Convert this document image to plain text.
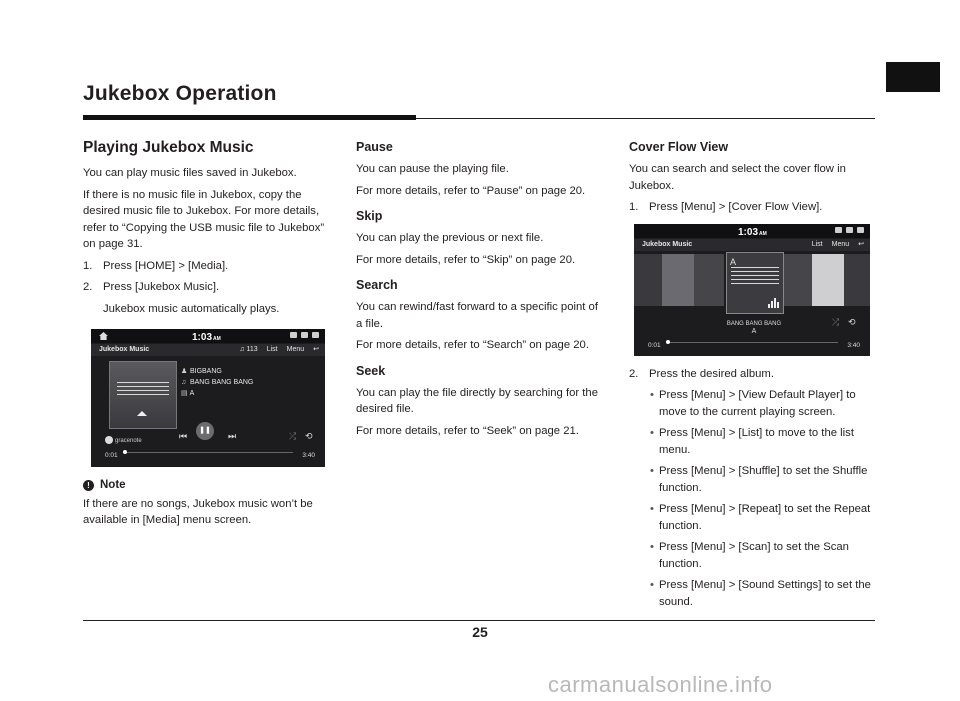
Jukebox Operation
Playing Jukebox Music

You can play music files saved in Jukebox.

If there is no music file in Jukebox, copy the desired music file to Jukebox. For more details, refer to “Copying the USB music file to Jukebox” on page 31.

1. Press [HOME] > [Media].
2. Press [Jukebox Music].
Jukebox music automatically plays.
1:03AM
Jukebox Music	♫ 113 List Menu ↩
♟ BIGBANG
♫ BANG BANG BANG
▤ A
⏮
❚❚
⏭	⤮ ⟲
gracenote
0:01	3:40
! Note

If there are no songs, Jukebox music won’t be available in [Media] menu screen.

Pause

You can pause the playing file.

For more details, refer to “Pause” on page 20.

Skip

You can play the previous or next file.

For more details, refer to “Skip” on page 20.

Search

You can rewind/fast forward to a specific point of a file.

For more details, refer to “Search” on page 20.

Seek

You can play the file directly by searching for the desired file.

For more details, refer to “Seek” on page 21.

Cover Flow View

You can search and select the cover flow in Jukebox.

1. Press [Menu] > [Cover Flow View].
1:03AM
Jukebox Music	List Menu ↩
A
BANG BANG BANG
A
⤮ ⟲
0:01	3:40
2. Press the desired album.
• Press [Menu] > [View Default Player] to move to the current playing screen.
• Press [Menu] > [List] to move to the list menu.
• Press [Menu] > [Shuffle] to set the Shuffle function.
• Press [Menu] > [Repeat] to set the Repeat function.
• Press [Menu] > [Scan] to set the Scan function.
• Press [Menu] > [Sound Settings] to set the sound.
25
carmanualsonline.info
